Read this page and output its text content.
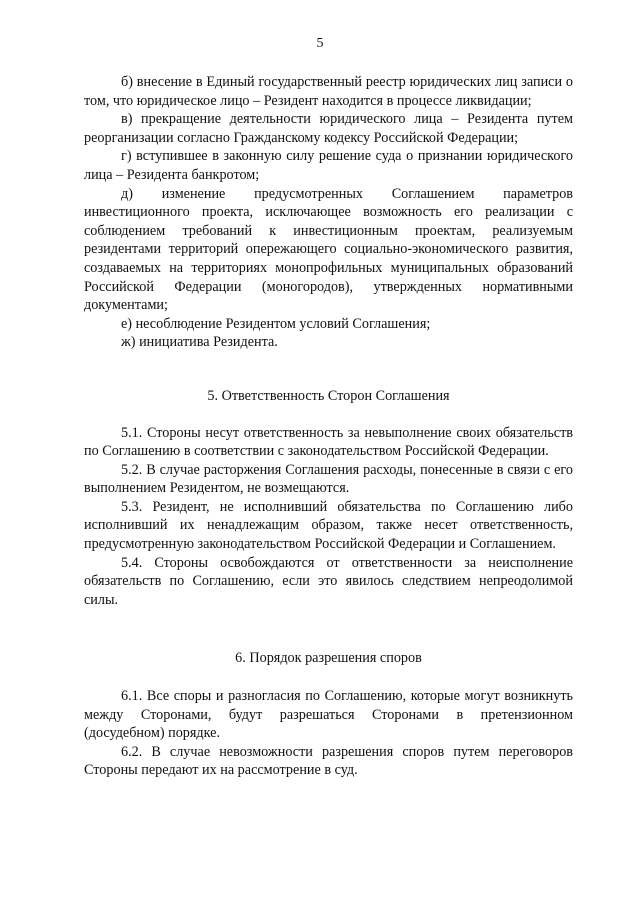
5

б) внесение в Единый государственный реестр юридических лиц записи о том, что юридическое лицо – Резидент находится в процессе ликвидации;

в) прекращение деятельности юридического лица – Резидента путем реорганизации согласно Гражданскому кодексу Российской Федерации;

г) вступившее в законную силу решение суда о признании юридического лица – Резидента банкротом;

д) изменение предусмотренных Соглашением параметров инвестиционного проекта, исключающее возможность его реализации с соблюдением требований к инвестиционным проектам, реализуемым резидентами территорий опережающего социально-экономического развития, создаваемых на территориях монопрофильных муниципальных образований Российской Федерации (моногородов), утвержденных нормативными документами;

е) несоблюдение Резидентом условий Соглашения;

ж) инициатива Резидента.

5. Ответственность Сторон Соглашения

5.1. Стороны несут ответственность за невыполнение своих обязательств по Соглашению в соответствии с законодательством Российской Федерации.

5.2. В случае расторжения Соглашения расходы, понесенные в связи с его выполнением Резидентом, не возмещаются.

5.3. Резидент, не исполнивший обязательства по Соглашению либо исполнивший их ненадлежащим образом, также несет ответственность, предусмотренную законодательством Российской Федерации и Соглашением.

5.4. Стороны освобождаются от ответственности за неисполнение обязательств по Соглашению, если это явилось следствием непреодолимой силы.

6. Порядок разрешения споров

6.1. Все споры и разногласия по Соглашению, которые могут возникнуть между Сторонами, будут разрешаться Сторонами в претензионном (досудебном) порядке.

6.2. В случае невозможности разрешения споров путем переговоров Стороны передают их на рассмотрение в суд.
